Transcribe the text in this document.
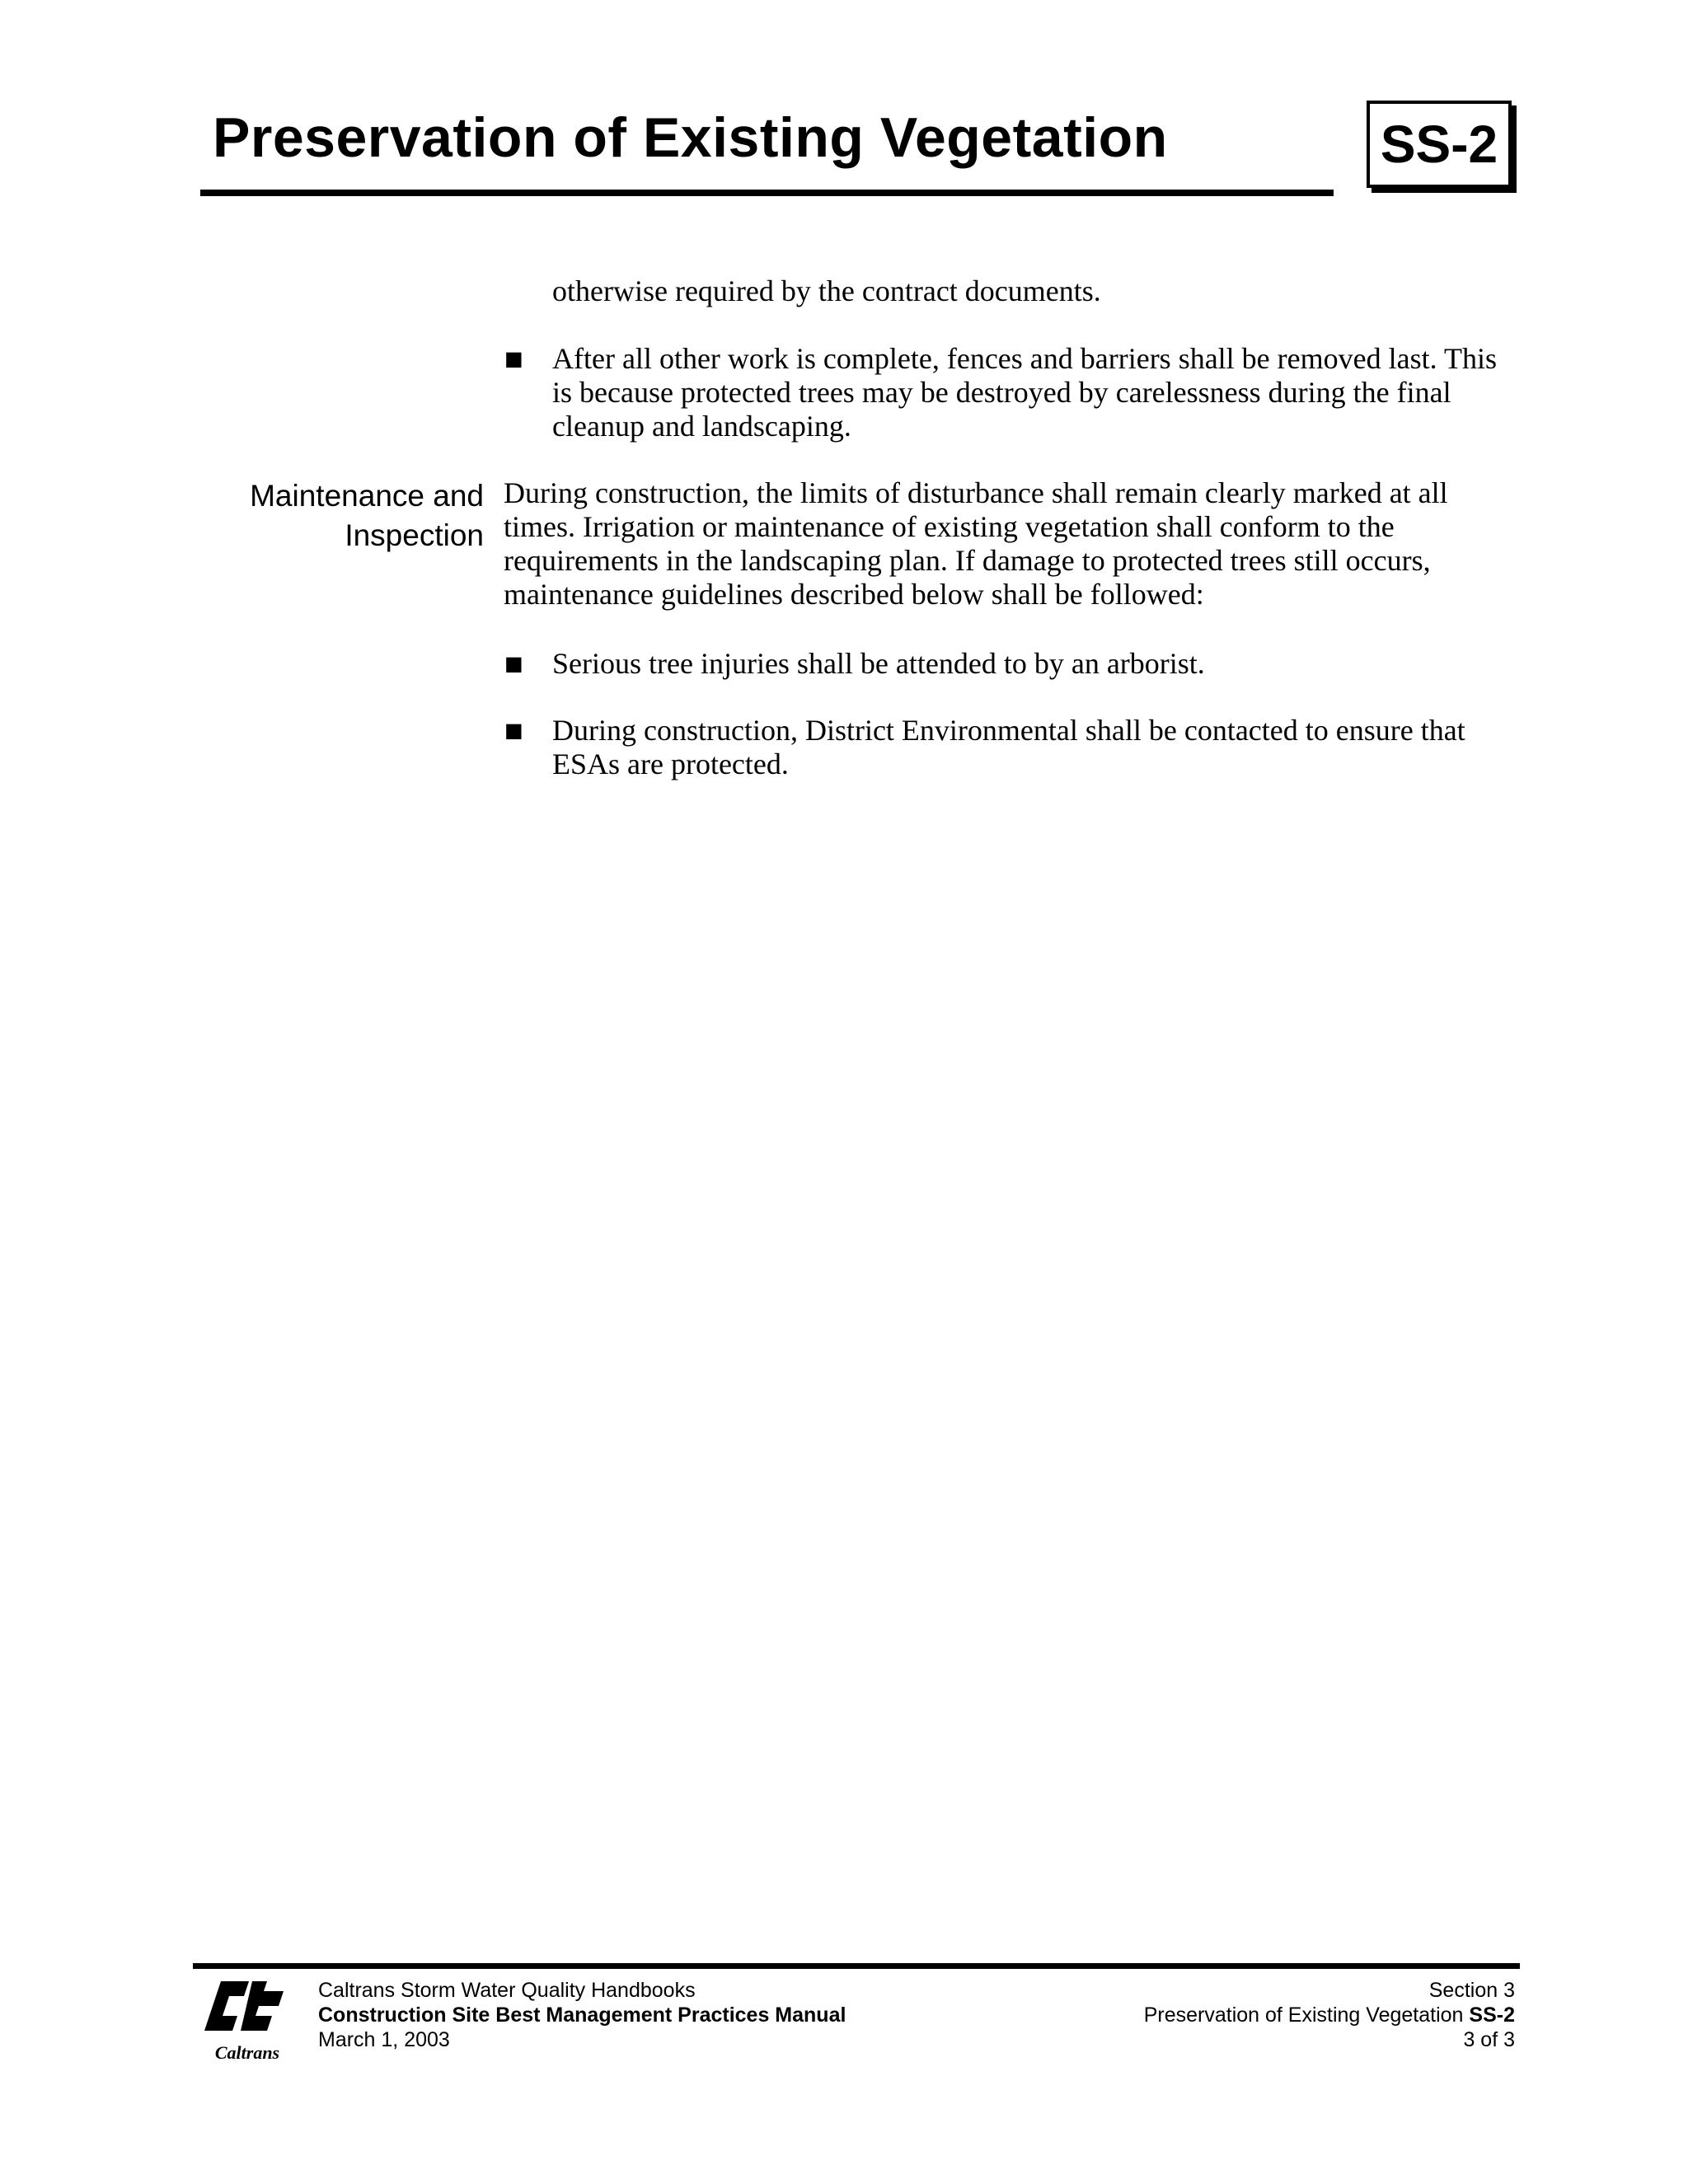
Preservation of Existing Vegetation	SS-2

otherwise required by the contract documents.

■ After all other work is complete, fences and barriers shall be removed last. This is because protected trees may be destroyed by carelessness during the final cleanup and landscaping.

Maintenance and
Inspection

During construction, the limits of disturbance shall remain clearly marked at all times. Irrigation or maintenance of existing vegetation shall conform to the requirements in the landscaping plan. If damage to protected trees still occurs, maintenance guidelines described below shall be followed:

■ Serious tree injuries shall be attended to by an arborist.

■ During construction, District Environmental shall be contacted to ensure that ESAs are protected.

Caltrans
Caltrans Storm Water Quality Handbooks
Construction Site Best Management Practices Manual
March 1, 2003
Section 3
Preservation of Existing Vegetation SS-2
3 of 3
